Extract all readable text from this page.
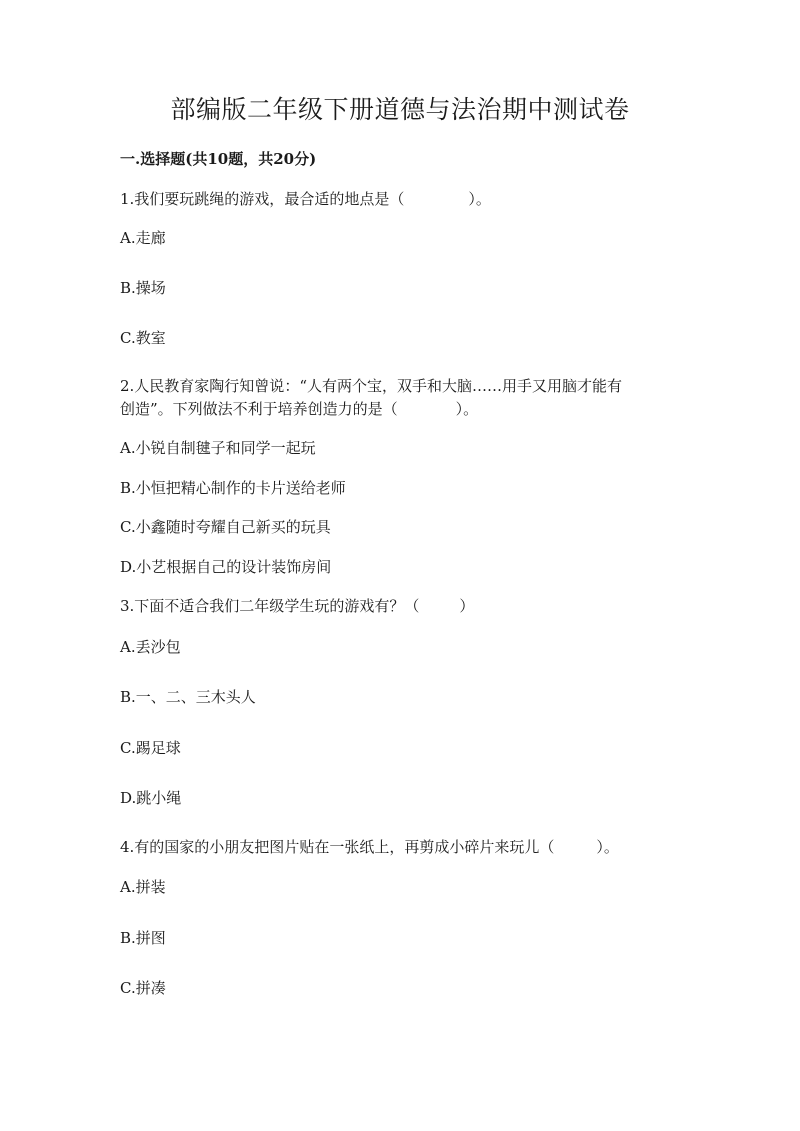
部编版二年级下册道德与法治期中测试卷
一.选择题(共10题，共20分)
1.我们要玩跳绳的游戏，最合适的地点是（	）。
A.走廊
B.操场
C.教室
2.人民教育家陶行知曾说：“人有两个宝，双手和大脑……用手又用脑才能有
创造”。下列做法不利于培养创造力的是（	）。
A.小锐自制毽子和同学一起玩
B.小恒把精心制作的卡片送给老师
C.小鑫随时夸耀自己新买的玩具
D.小艺根据自己的设计装饰房间
3.下面不适合我们二年级学生玩的游戏有？（	）
A.丢沙包
B.一、二、三木头人
C.踢足球
D.跳小绳
4.有的国家的小朋友把图片贴在一张纸上，再剪成小碎片来玩儿（	）。
A.拼装
B.拼图
C.拼凑
